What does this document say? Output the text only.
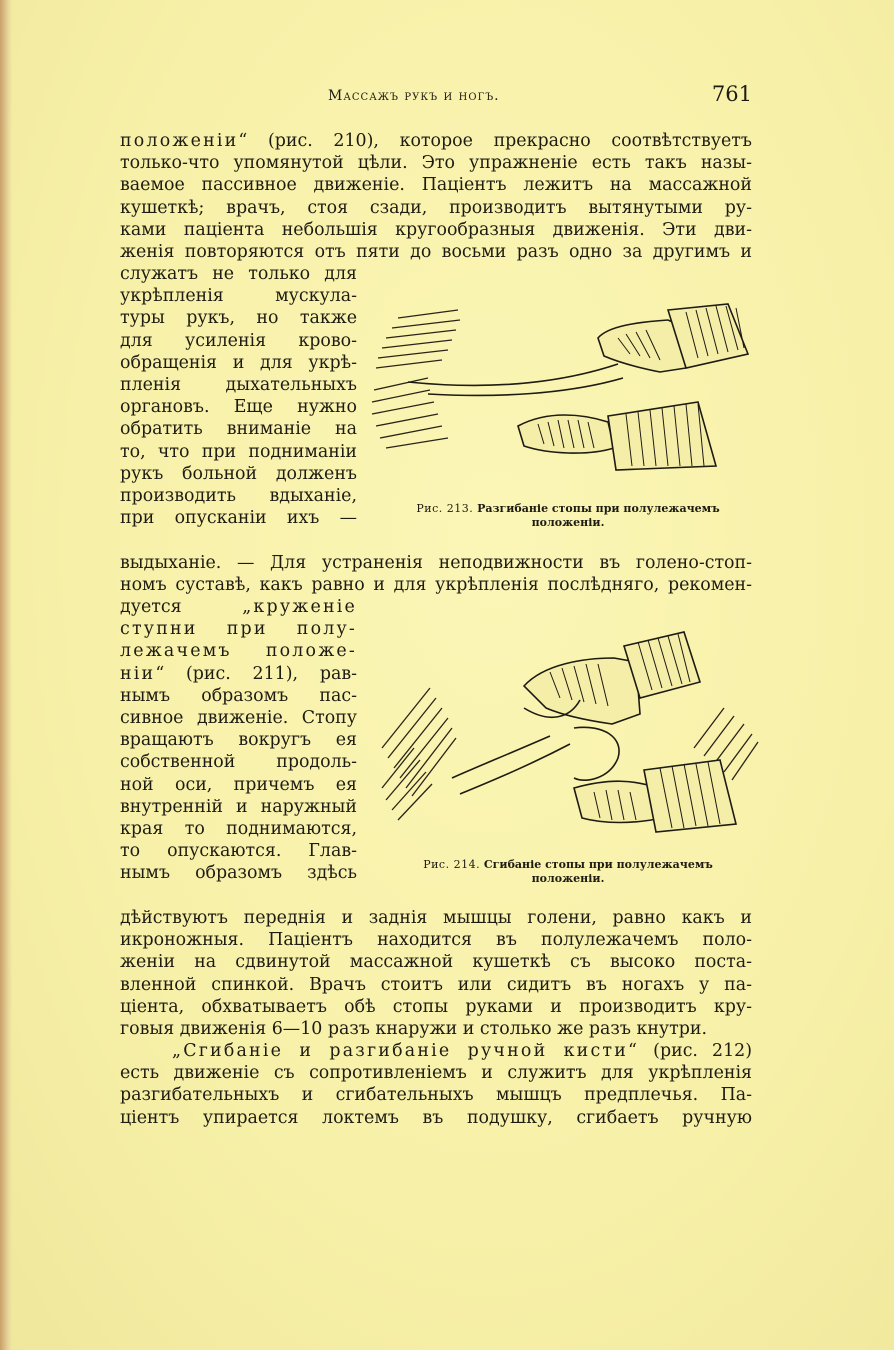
Массажъ рукъ и ногъ.	761
положеніи“ (рис. 210), которое прекрасно соотвѣтствуетъ
только-что упомянутой цѣли. Это упражненіе есть такъ назы-
ваемое пассивное движеніе. Паціентъ лежитъ на массажной
кушеткѣ; врачъ, стоя сзади, производитъ вытянутыми ру-
ками паціента небольшія кругообразныя движенія. Эти дви-
женія повторяются отъ пяти до восьми разъ одно за другимъ и
служатъ не только для
укрѣпленія мускула-
туры рукъ, но также
для усиленія крово-
обращенія и для укрѣ-
пленія дыхательныхъ
органовъ. Еще нужно
обратить вниманіе на
то, что при подниманіи
рукъ больной долженъ
производить вдыханіе,
при опусканіи ихъ —	Рис. 213. Разгибаніе стопы при полулежачемъ
положеніи.
выдыханіе. — Для устраненія неподвижности въ голено-стоп-
номъ суставѣ, какъ равно и для укрѣпленія послѣдняго, рекомен-
дуется „круженіе
ступни при полу-
лежачемъ положе-
ніи“ (рис. 211), рав-
нымъ образомъ пас-
сивное движеніе. Стопу
вращаютъ вокругъ ея
собственной продоль-
ной оси, причемъ ея
внутренній и наружный
края то поднимаются,
то опускаются. Глав-
нымъ образомъ здѣсь	Рис. 214. Сгибаніе стопы при полулежачемъ
положеніи.
дѣйствуютъ переднія и заднія мышцы голени, равно какъ и
икроножныя. Паціентъ находится въ полулежачемъ поло-
женіи на сдвинутой массажной кушеткѣ съ высоко поста-
вленной спинкой. Врачъ стоитъ или сидитъ въ ногахъ у па-
ціента, обхватываетъ обѣ стопы руками и производитъ кру-
говыя движенія 6—10 разъ кнаружи и столько же разъ кнутри.
„Сгибаніе и разгибаніе ручной кисти“ (рис. 212)
есть движеніе съ сопротивленіемъ и служитъ для укрѣпленія
разгибательныхъ и сгибательныхъ мышцъ предплечья. Па-
ціентъ упирается локтемъ въ подушку, сгибаетъ ручную
